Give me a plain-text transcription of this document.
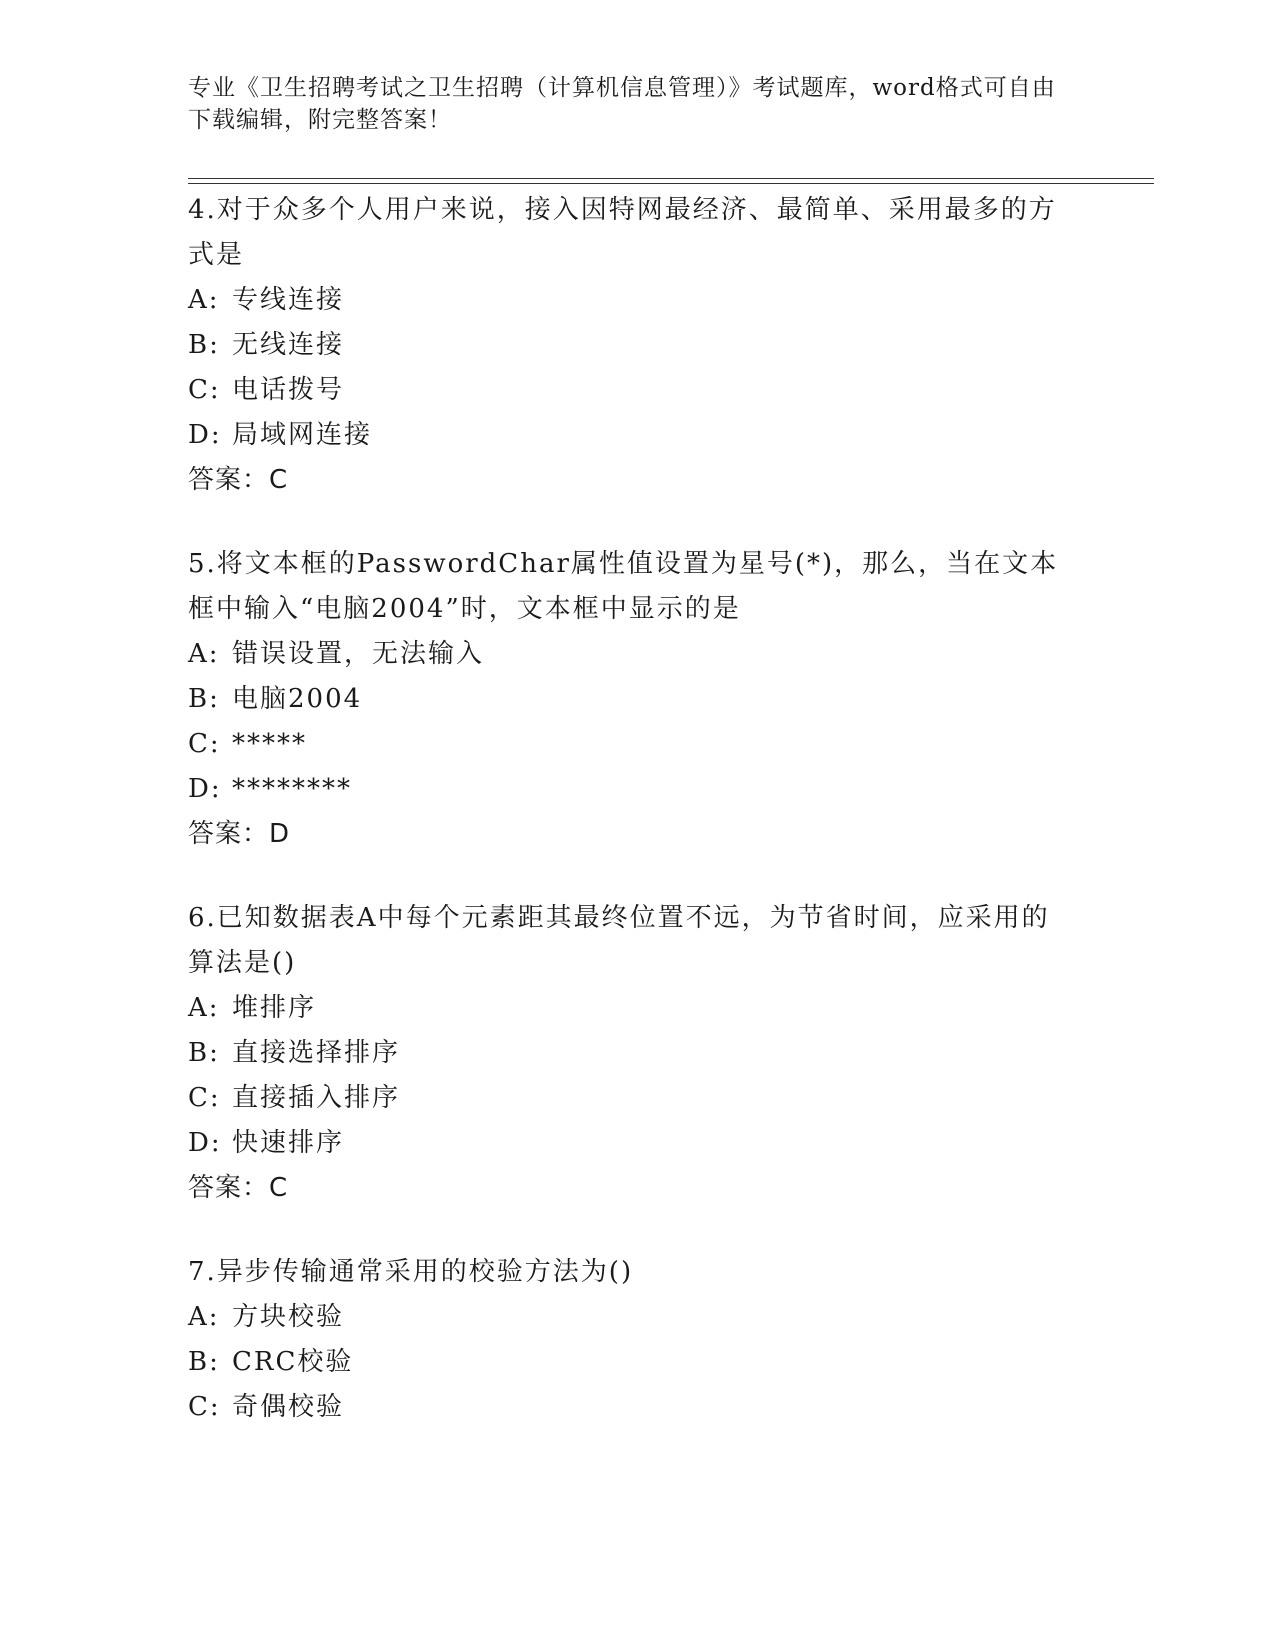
专业《卫生招聘考试之卫生招聘（计算机信息管理）》考试题库，word格式可自由下载编辑，附完整答案！
4.对于众多个人用户来说，接入因特网最经济、最简单、采用最多的方式是
A: 专线连接
B: 无线连接
C: 电话拨号
D: 局域网连接
答案：C
5.将文本框的PasswordChar属性值设置为星号(*)，那么，当在文本框中输入“电脑2004”时，文本框中显示的是
A: 错误设置，无法输入
B: 电脑2004
C: *****
D: ********
答案：D
6.已知数据表A中每个元素距其最终位置不远，为节省时间，应采用的算法是()
A: 堆排序
B: 直接选择排序
C: 直接插入排序
D: 快速排序
答案：C
7.异步传输通常采用的校验方法为()
A: 方块校验
B: CRC校验
C: 奇偶校验
